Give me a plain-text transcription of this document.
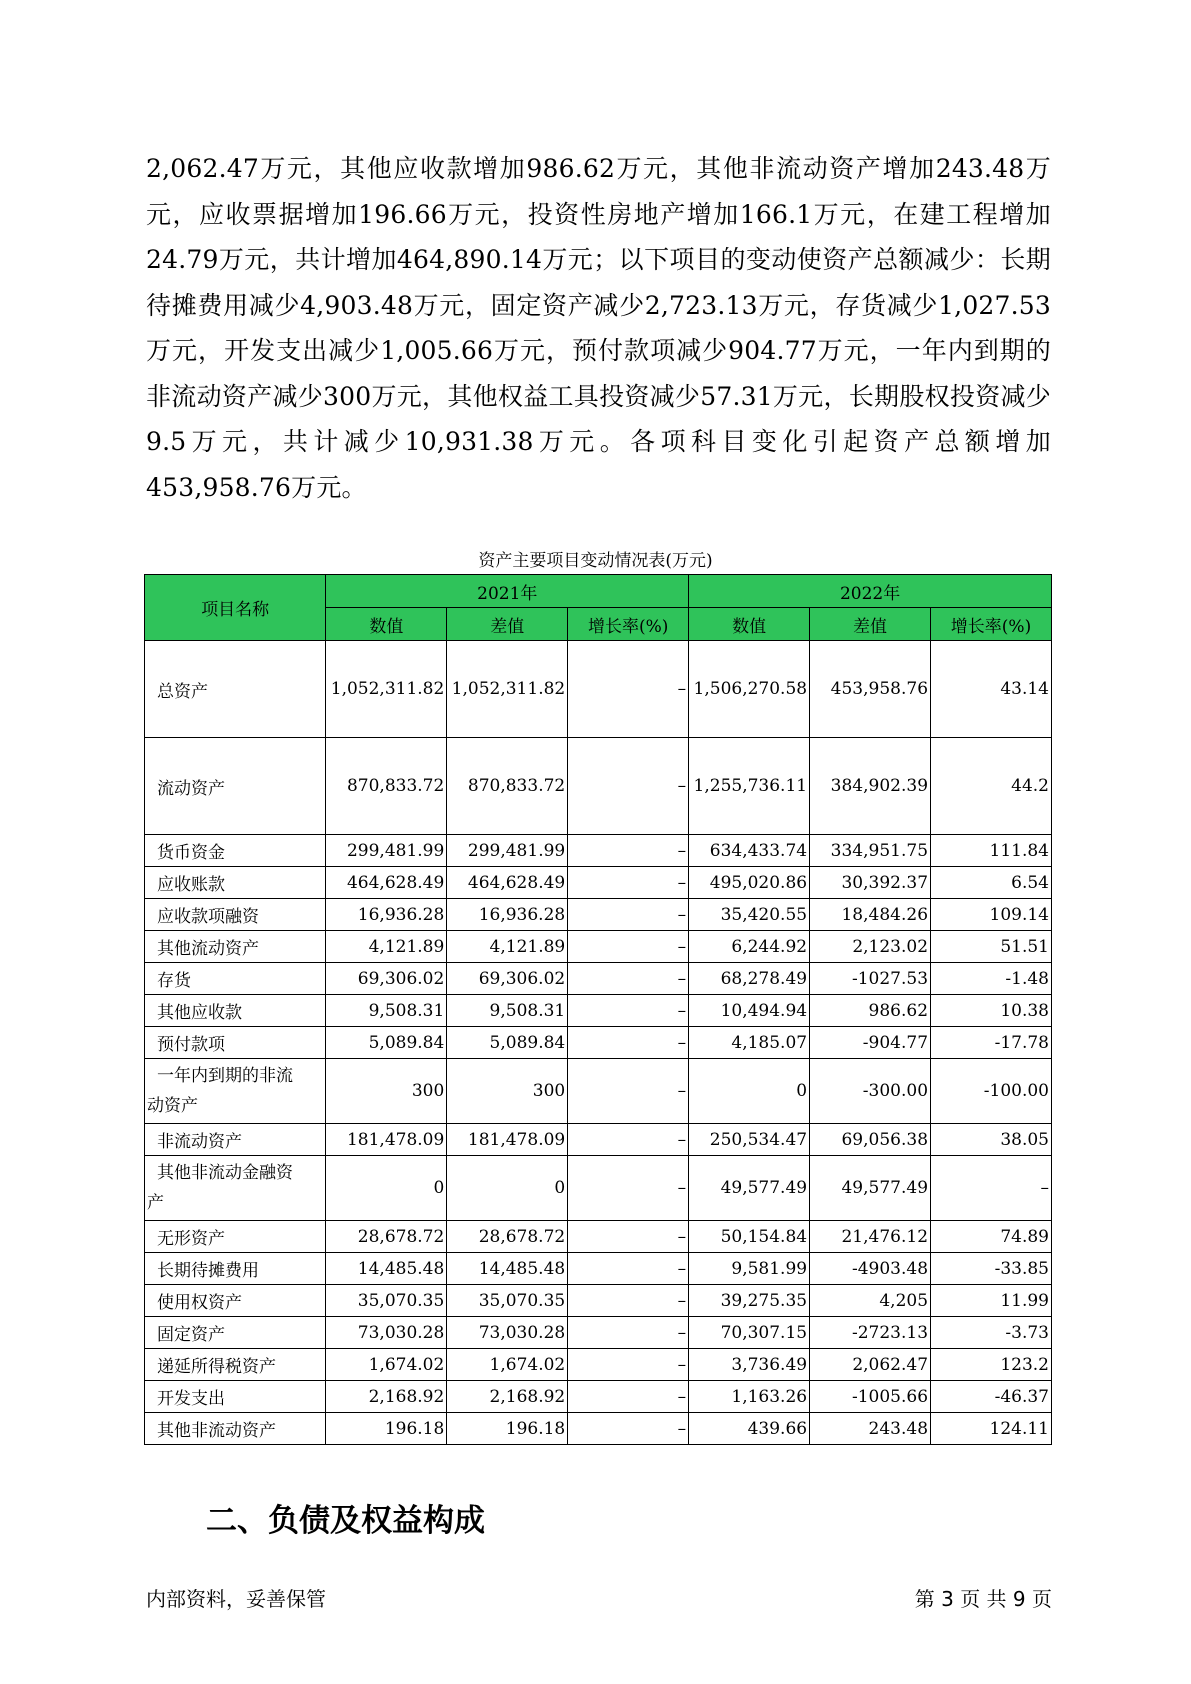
2,062.47万元，其他应收款增加986.62万元，其他非流动资产增加243.48万元，应收票据增加196.66万元，投资性房地产增加166.1万元，在建工程增加24.79万元，共计增加464,890.14万元；以下项目的变动使资产总额减少：长期待摊费用减少4,903.48万元，固定资产减少2,723.13万元，存货减少1,027.53万元，开发支出减少1,005.66万元，预付款项减少904.77万元，一年内到期的非流动资产减少300万元，其他权益工具投资减少57.31万元，长期股权投资减少9.5万元，共计减少10,931.38万元。各项科目变化引起资产总额增加453,958.76万元。

资产主要项目变动情况表(万元)
项目名称	2021年			2022年		
	数值	差值	增长率(%)	数值	差值	增长率(%)
总资产	1,052,311.82	1,052,311.82	–	1,506,270.58	453,958.76	43.14
流动资产	870,833.72	870,833.72	–	1,255,736.11	384,902.39	44.2
货币资金	299,481.99	299,481.99	–	634,433.74	334,951.75	111.84
应收账款	464,628.49	464,628.49	–	495,020.86	30,392.37	6.54
应收款项融资	16,936.28	16,936.28	–	35,420.55	18,484.26	109.14
其他流动资产	4,121.89	4,121.89	–	6,244.92	2,123.02	51.51
存货	69,306.02	69,306.02	–	68,278.49	-1027.53	-1.48
其他应收款	9,508.31	9,508.31	–	10,494.94	986.62	10.38
预付款项	5,089.84	5,089.84	–	4,185.07	-904.77	-17.78
一年内到期的非流
动资产	300	300	–	0	-300.00	-100.00
非流动资产	181,478.09	181,478.09	–	250,534.47	69,056.38	38.05
其他非流动金融资
产	0	0	–	49,577.49	49,577.49	–
无形资产	28,678.72	28,678.72	–	50,154.84	21,476.12	74.89
长期待摊费用	14,485.48	14,485.48	–	9,581.99	-4903.48	-33.85
使用权资产	35,070.35	35,070.35	–	39,275.35	4,205	11.99
固定资产	73,030.28	73,030.28	–	70,307.15	-2723.13	-3.73
递延所得税资产	1,674.02	1,674.02	–	3,736.49	2,062.47	123.2
开发支出	2,168.92	2,168.92	–	1,163.26	-1005.66	-46.37
其他非流动资产	196.18	196.18	–	439.66	243.48	124.11
二、负债及权益构成
内部资料，妥善保管	第 3 页 共 9 页
